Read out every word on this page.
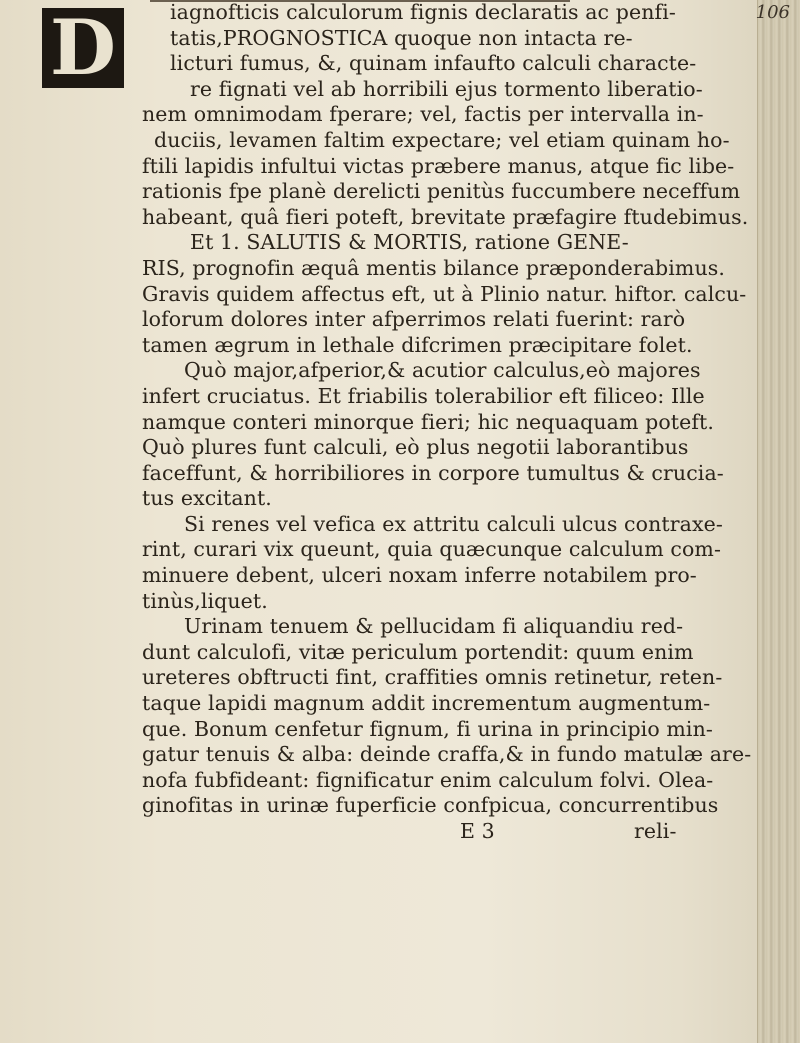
106
D	iagnofticis calculorum fignis declaratis ac penfi-
tatis,PROGNOSTICA quoque non intacta re-
licturi fumus, &, quinam infaufto calculi characte-
re fignati vel ab horribili ejus tormento liberatio-
nem omnimodam fperare; vel, factis per intervalla in-
duciis, levamen faltim expectare; vel etiam quinam ho-
ftili lapidis infultui victas præbere manus, atque fic libe-
rationis fpe planè derelicti penitùs fuccumbere neceffum
habeant, quâ fieri poteft, brevitate præfagire ftudebimus.
Et 1. SALUTIS & MORTIS, ratione GENE-
RIS, prognofin æquâ mentis bilance præponderabimus.
Gravis quidem affectus eft, ut à Plinio natur. hiftor. calcu-
loforum dolores inter afperrimos relati fuerint: rarò
tamen ægrum in lethale difcrimen præcipitare folet.
Quò major,afperior,& acutior calculus,eò majores
infert cruciatus. Et friabilis tolerabilior eft filiceo: Ille
namque conteri minorque fieri; hic nequaquam poteft.
Quò plures funt calculi, eò plus negotii laborantibus
faceffunt, & horribiliores in corpore tumultus & crucia-
tus excitant.
Si renes vel vefica ex attritu calculi ulcus contraxe-
rint, curari vix queunt, quia quæcunque calculum com-
minuere debent, ulceri noxam inferre notabilem pro-
tinùs,liquet.
Urinam tenuem & pellucidam fi aliquandiu red-
dunt calculofi, vitæ periculum portendit: quum enim
ureteres obftructi fint, craffities omnis retinetur, reten-
taque lapidi magnum addit incrementum augmentum-
que. Bonum cenfetur fignum, fi urina in principio min-
gatur tenuis & alba: deinde craffa,& in fundo matulæ are-
nofa fubfideant: fignificatur enim calculum folvi. Olea-
ginofitas in urinæ fuperficie confpicua, concurrentibus
E 3	reli-
